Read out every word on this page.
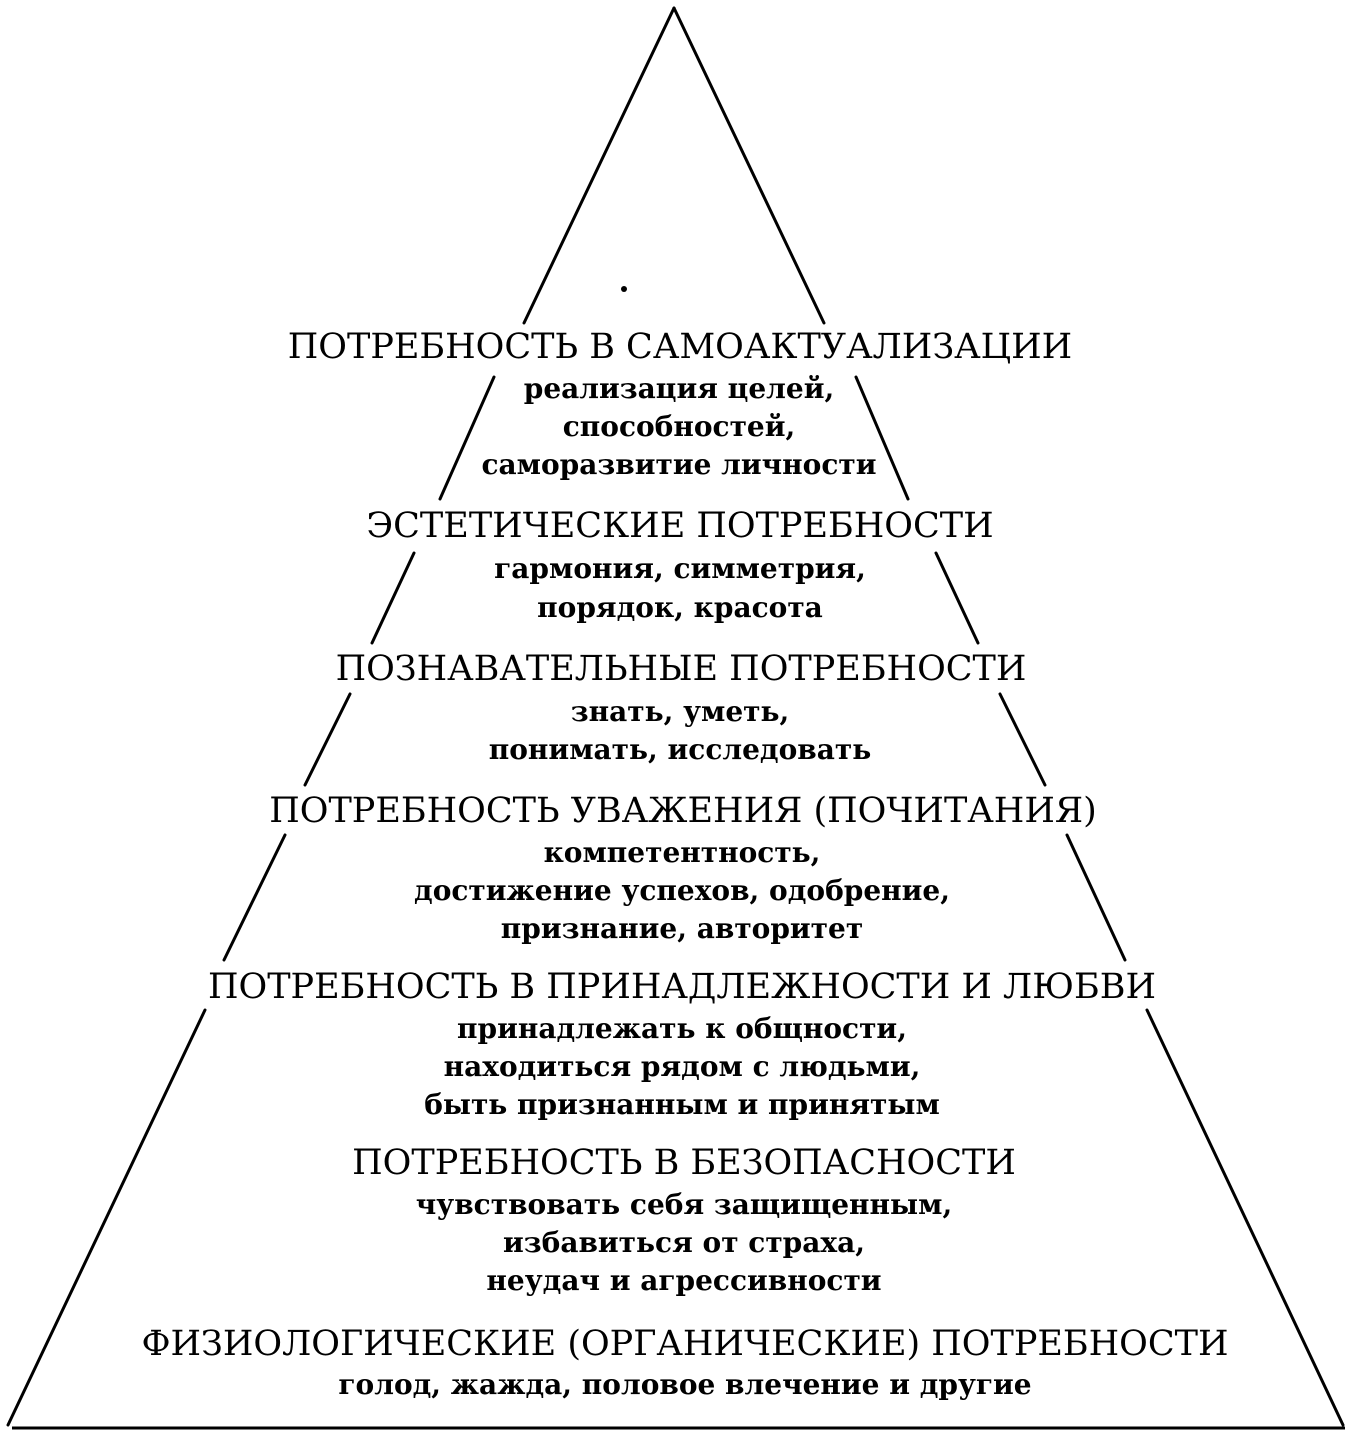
ПОТРЕБНОСТЬ В САМОАКТУАЛИЗАЦИИ
реализация целей,
способностей,
саморазвитие личности
ЭСТЕТИЧЕСКИЕ ПОТРЕБНОСТИ
гармония, симметрия,
порядок, красота
ПОЗНАВАТЕЛЬНЫЕ ПОТРЕБНОСТИ
знать, уметь,
понимать, исследовать
ПОТРЕБНОСТЬ УВАЖЕНИЯ (ПОЧИТАНИЯ)
компетентность,
достижение успехов, одобрение,
признание, авторитет
ПОТРЕБНОСТЬ В ПРИНАДЛЕЖНОСТИ И ЛЮБВИ
принадлежать к общности,
находиться рядом с людьми,
быть признанным и принятым
ПОТРЕБНОСТЬ В БЕЗОПАСНОСТИ
чувствовать себя защищенным,
избавиться от страха,
неудач и агрессивности
ФИЗИОЛОГИЧЕСКИЕ (ОРГАНИЧЕСКИЕ) ПОТРЕБНОСТИ
голод, жажда, половое влечение и другие
